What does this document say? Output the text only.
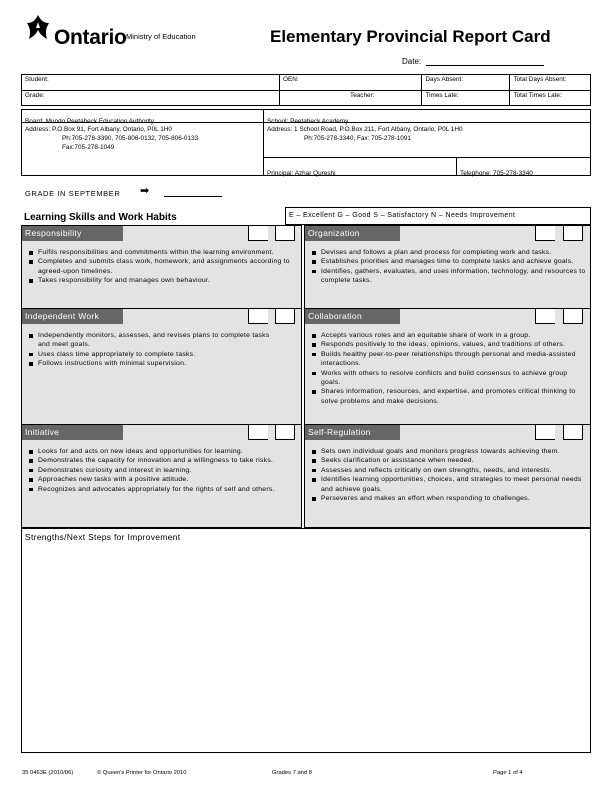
Ontario Ministry of Education	Elementary Provincial Report Card
Date:
Student:	OEN:	Days Absent:	Total Days Absent:
Grade:	Teacher:	Times Late:	Total Times Late:
Board: Mundo Peetabeck Education Authority	School: Peetabeck Academy
Address: P.O.Box 91, Fort Albany, Ontario, P0L 1H0
Ph:705-278-3390, 705-806-0132, 705-806-0133
Fax:705-278-1049
Address: 1 School Road, P.O.Box 211, Fort Albany, Ontario, P0L 1H0
Ph:705-278-3340, Fax: 705-278-1091
Principal: Azhar Qureshi	Telephone: 705-278-3340
GRADE IN SEPTEMBER ➡
Learning Skills and Work Habits	E – Excellent G – Good S – Satisfactory N – Needs Improvement
Responsibility
Fulfils responsibilities and commitments within the learning environment.
Completes and submits class work, homework, and assignments according to agreed-upon timelines.
Takes responsibility for and manages own behaviour.
Organization
Devises and follows a plan and process for completing work and tasks.
Establishes priorities and manages time to complete tasks and achieve goals.
Identifies, gathers, evaluates, and uses information, technology, and resources to complete tasks.
Independent Work
Independently monitors, assesses, and revises plans to complete tasks and meet goals.
Uses class time appropriately to complete tasks.
Follows instructions with minimal supervision.
Collaboration
Accepts various roles and an equitable share of work in a group.
Responds positively to the ideas, opinions, values, and traditions of others.
Builds healthy peer-to-peer relationships through personal and media-assisted interactions.
Works with others to resolve conflicts and build consensus to achieve group goals.
Shares information, resources, and expertise, and promotes critical thinking to solve problems and make decisions.
Initiative
Looks for and acts on new ideas and opportunities for learning.
Demonstrates the capacity for innovation and a willingness to take risks.
Demonstrates curiosity and interest in learning.
Approaches new tasks with a positive attitude.
Recognizes and advocates appropriately for the rights of self and others.
Self-Regulation
Sets own individual goals and monitors progress towards achieving them.
Seeks clarification or assistance when needed.
Assesses and reflects critically on own strengths, needs, and interests.
Identifies learning opportunities, choices, and strategies to meet personal needs and achieve goals.
Perseveres and makes an effort when responding to challenges.
Strengths/Next Steps for Improvement
35 0463E (2010/06)	© Queen's Printer for Ontario 2010	Grades 7 and 8	Page 1 of 4
